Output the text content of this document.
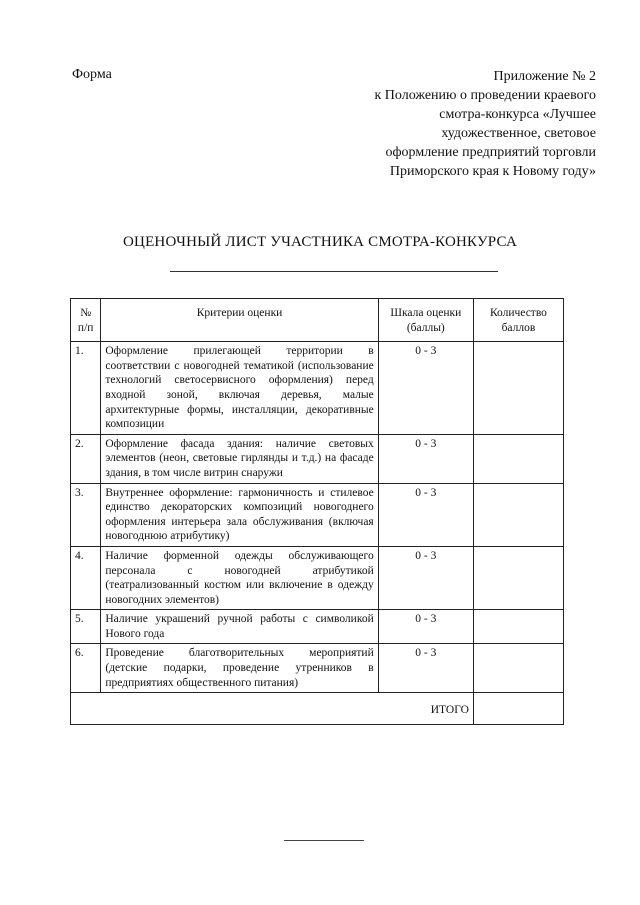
Форма	Приложение № 2
к Положению о проведении краевого
смотра-конкурса «Лучшее
художественное, световое
оформление предприятий торговли
Приморского края к Новому году»
ОЦЕНОЧНЫЙ ЛИСТ УЧАСТНИКА СМОТРА-КОНКУРСА
№ п/п	Критерии оценки	Шкала оценки (баллы)	Количество баллов
1.	Оформление прилегающей территории в соответствии с новогодней тематикой (использование технологий светосервисного оформления) перед входной зоной, включая деревья, малые архитектурные формы, инсталляции, декоративные композиции	0 - 3	
2.	Оформление фасада здания: наличие световых элементов (неон, световые гирлянды и т.д.) на фасаде здания, в том числе витрин снаружи	0 - 3	
3.	Внутреннее оформление: гармоничность и стилевое единство декораторских композиций новогоднего оформления интерьера зала обслуживания (включая новогоднюю атрибутику)	0 - 3	
4.	Наличие форменной одежды обслуживающего персонала с новогодней атрибутикой (театрализованный костюм или включение в одежду новогодних элементов)	0 - 3	
5.	Наличие украшений ручной работы с символикой Нового года	0 - 3	
6.	Проведение благотворительных мероприятий (детские подарки, проведение утренников в предприятиях общественного питания)	0 - 3	
ИТОГО			
